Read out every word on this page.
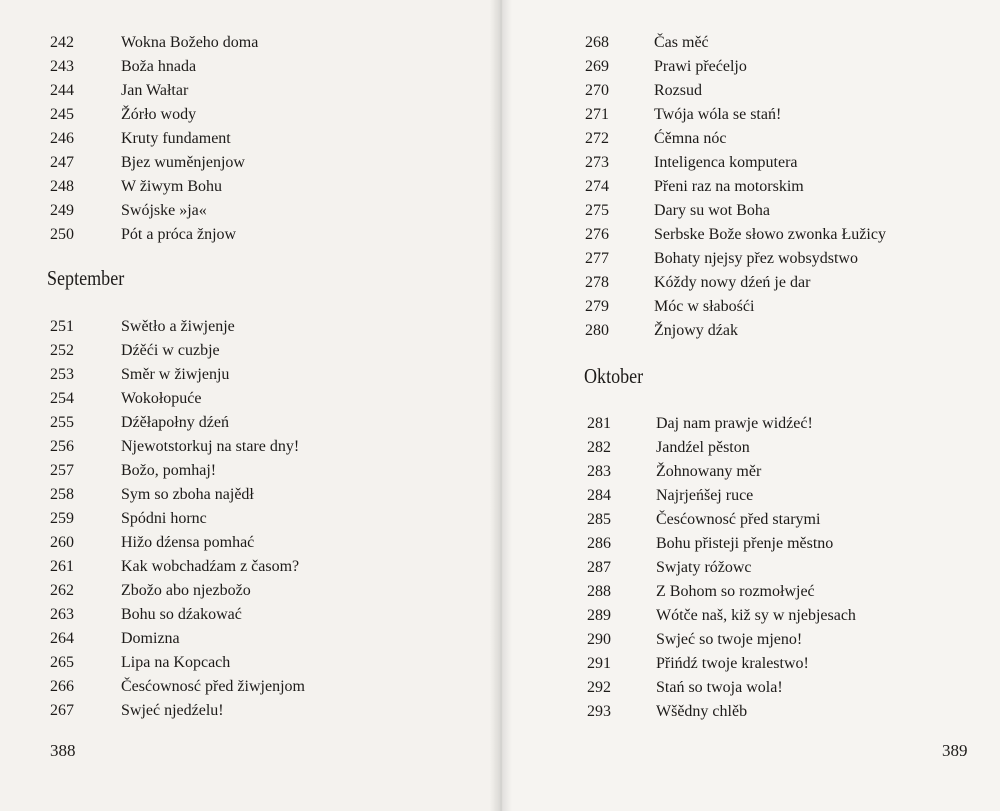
242	Wokna Božeho doma
243	Boža hnada
244	Jan Wałtar
245	Žórło wody
246	Kruty fundament
247	Bjez wuměnjenjow
248	W žiwym Bohu
249	Swójske »ja«
250	Pót a próca žnjow
September
251	Swětło a žiwjenje
252	Dźěći w cuzbje
253	Směr w žiwjenju
254	Wokołopuće
255	Dźěłapołny dźeń
256	Njewotstorkuj na stare dny!
257	Božo, pomhaj!
258	Sym so zboha najědł
259	Spódni hornc
260	Hižo dźensa pomhać
261	Kak wobchadźam z časom?
262	Zbožo abo njezbožo
263	Bohu so dźakować
264	Domizna
265	Lipa na Kopcach
266	Česćownosć před žiwjenjom
267	Swjeć njedźelu!
388
268	Čas měć
269	Prawi přećeljo
270	Rozsud
271	Twója wóla se stań!
272	Ćěmna nóc
273	Inteligenca komputera
274	Přeni raz na motorskim
275	Dary su wot Boha
276	Serbske Bože słowo zwonka Łužicy
277	Bohaty njejsy přez wobsydstwo
278	Kóždy nowy dźeń je dar
279	Móc w słabośći
280	Žnjowy dźak
Oktober
281	Daj nam prawje widźeć!
282	Jandźel pěston
283	Žohnowany měr
284	Najrjeńšej ruce
285	Česćownosć před starymi
286	Bohu přisteji přenje městno
287	Swjaty róžowc
288	Z Bohom so rozmołwjeć
289	Wótče naš, kiž sy w njebjesach
290	Swjeć so twoje mjeno!
291	Přińdź twoje kralestwo!
292	Stań so twoja wola!
293	Wšědny chlěb
389
